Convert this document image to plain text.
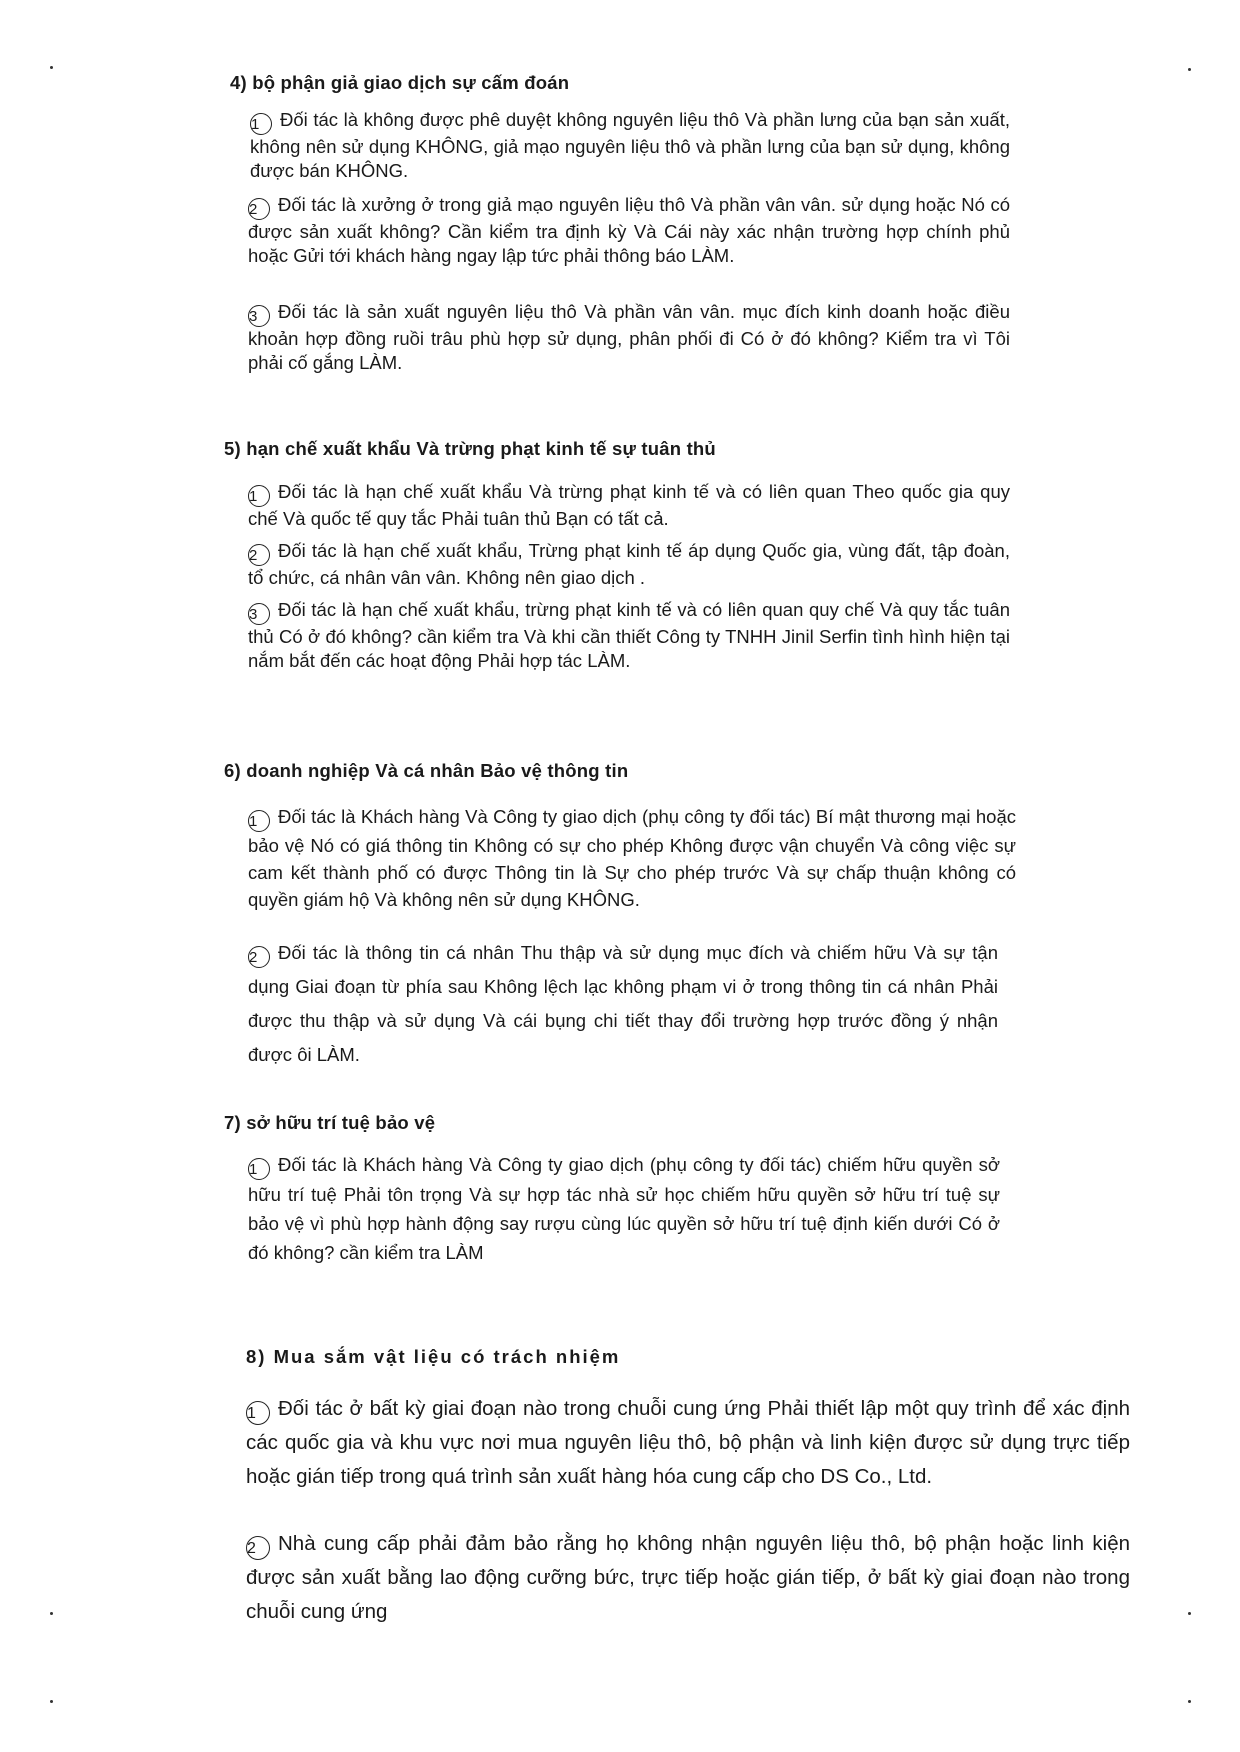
4) bộ phận giả giao dịch sự cấm đoán
1 Đối tác là không được phê duyệt không nguyên liệu thô Và phần lưng của bạn sản xuất, không nên sử dụng KHÔNG, giả mạo nguyên liệu thô và phần lưng của bạn sử dụng, không được bán KHÔNG.
2 Đối tác là xưởng ở trong giả mạo nguyên liệu thô Và phần vân vân. sử dụng hoặc Nó có được sản xuất không? Cần kiểm tra định kỳ Và Cái này xác nhận trường hợp chính phủ hoặc Gửi tới khách hàng ngay lập tức phải thông báo LÀM.
3 Đối tác là sản xuất nguyên liệu thô Và phần vân vân. mục đích kinh doanh hoặc điều khoản hợp đồng ruồi trâu phù hợp sử dụng, phân phối đi Có ở đó không? Kiểm tra vì Tôi phải cố gắng LÀM.
5) hạn chế xuất khẩu Và trừng phạt kinh tế sự tuân thủ
1 Đối tác là hạn chế xuất khẩu Và trừng phạt kinh tế và có liên quan Theo quốc gia quy chế Và quốc tế quy tắc Phải tuân thủ Bạn có tất cả.
2 Đối tác là hạn chế xuất khẩu, Trừng phạt kinh tế áp dụng Quốc gia, vùng đất, tập đoàn, tổ chức, cá nhân vân vân. Không nên giao dịch .
3 Đối tác là hạn chế xuất khẩu, trừng phạt kinh tế và có liên quan quy chế Và quy tắc tuân thủ Có ở đó không? cần kiểm tra Và khi cần thiết Công ty TNHH Jinil Serfin tình hình hiện tại nắm bắt đến các hoạt động Phải hợp tác LÀM.
6) doanh nghiệp Và cá nhân Bảo vệ thông tin
1 Đối tác là Khách hàng Và Công ty giao dịch (phụ công ty đối tác) Bí mật thương mại hoặc bảo vệ Nó có giá thông tin Không có sự cho phép Không được vận chuyển Và công việc sự cam kết thành phố có được Thông tin là Sự cho phép trước Và sự chấp thuận không có quyền giám hộ Và không nên sử dụng KHÔNG.
2 Đối tác là thông tin cá nhân Thu thập và sử dụng mục đích và chiếm hữu Và sự tận dụng Giai đoạn từ phía sau Không lệch lạc không phạm vi ở trong thông tin cá nhân Phải được thu thập và sử dụng Và cái bụng chi tiết thay đổi trường hợp trước đồng ý nhận được ôi LÀM.
7) sở hữu trí tuệ bảo vệ
1 Đối tác là Khách hàng Và Công ty giao dịch (phụ công ty đối tác) chiếm hữu quyền sở hữu trí tuệ Phải tôn trọng Và sự hợp tác nhà sử học chiếm hữu quyền sở hữu trí tuệ sự bảo vệ vì phù hợp hành động say rượu cùng lúc quyền sở hữu trí tuệ định kiến dưới Có ở đó không? cần kiểm tra LÀM
8) Mua sắm vật liệu có trách nhiệm
1 Đối tác ở bất kỳ giai đoạn nào trong chuỗi cung ứng Phải thiết lập một quy trình để xác định các quốc gia và khu vực nơi mua nguyên liệu thô, bộ phận và linh kiện được sử dụng trực tiếp hoặc gián tiếp trong quá trình sản xuất hàng hóa cung cấp cho DS Co., Ltd.
2 Nhà cung cấp phải đảm bảo rằng họ không nhận nguyên liệu thô, bộ phận hoặc linh kiện được sản xuất bằng lao động cưỡng bức, trực tiếp hoặc gián tiếp, ở bất kỳ giai đoạn nào trong chuỗi cung ứng
